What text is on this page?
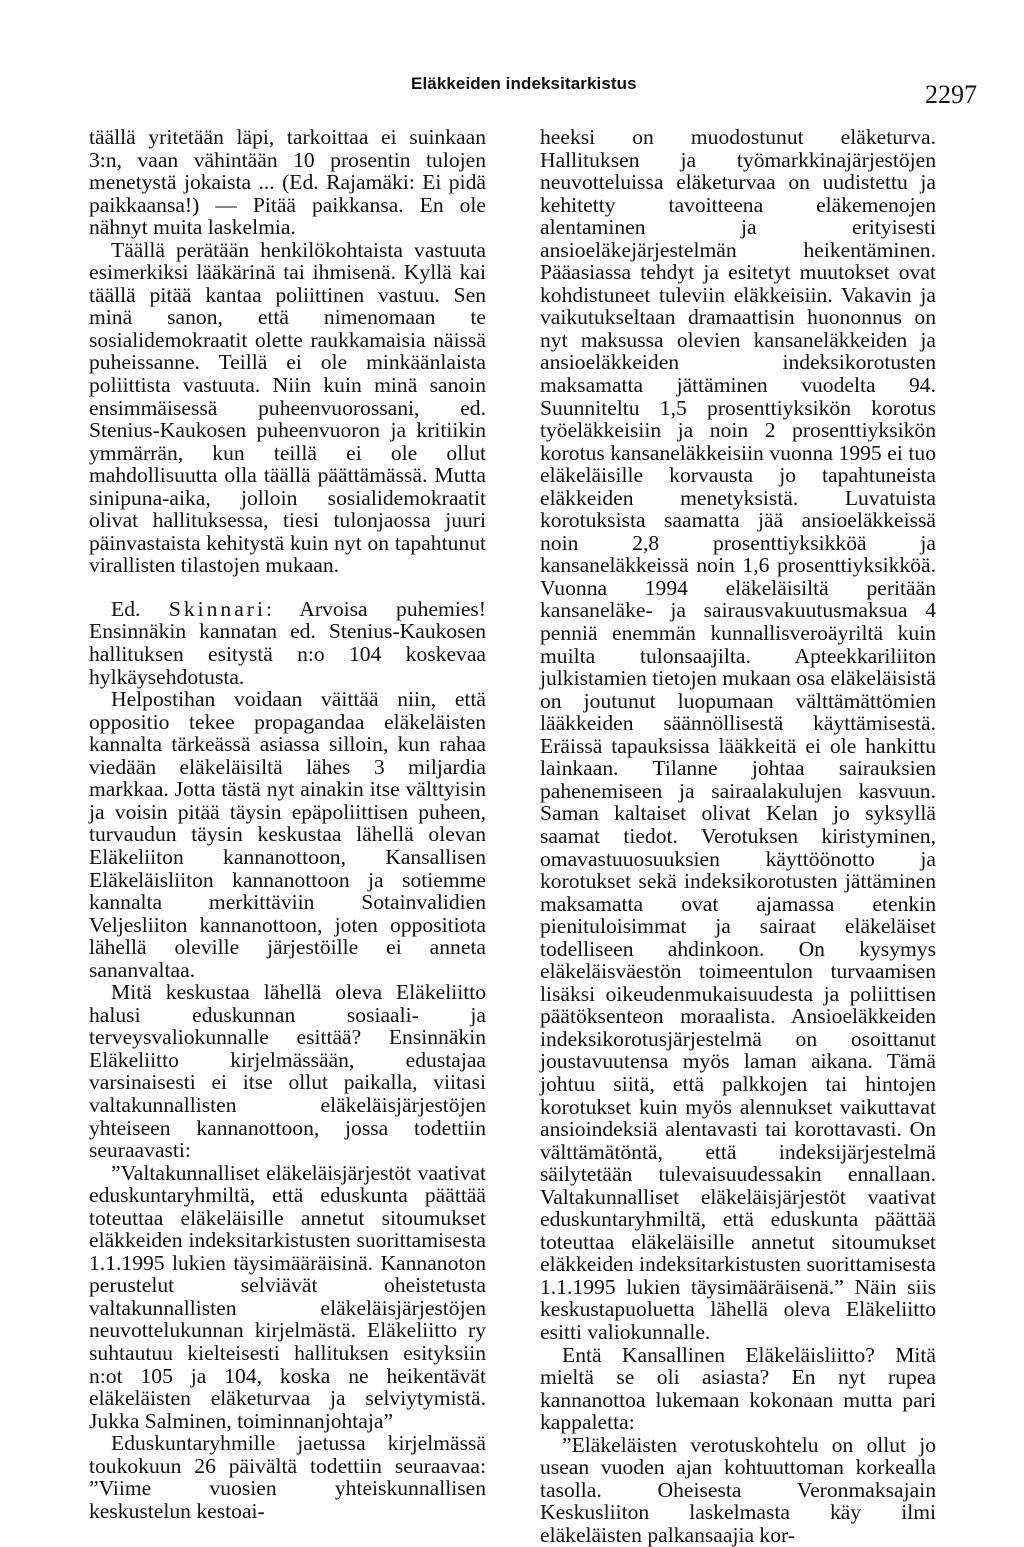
Eläkkeiden indeksitarkistus	2297

täällä yritetään läpi, tarkoittaa ei suinkaan 3:n, vaan vähintään 10 prosentin tulojen menetystä jokaista ... (Ed. Rajamäki: Ei pidä paikkaansa!) — Pitää paikkansa. En ole nähnyt muita laskelmia.

Täällä perätään henkilökohtaista vastuuta esimerkiksi lääkärinä tai ihmisenä. Kyllä kai täällä pitää kantaa poliittinen vastuu. Sen minä sanon, että nimenomaan te sosialidemokraatit olette raukkamaisia näissä puheissanne. Teillä ei ole minkäänlaista poliittista vastuuta. Niin kuin minä sanoin ensimmäisessä puheenvuorossani, ed. Stenius-Kaukosen puheenvuoron ja kritiikin ymmärrän, kun teillä ei ole ollut mahdollisuutta olla täällä päättämässä. Mutta sinipuna-aika, jolloin sosialidemokraatit olivat hallituksessa, tiesi tulonjaossa juuri päinvastaista kehitystä kuin nyt on tapahtunut virallisten tilastojen mukaan.

Ed. Skinnari: Arvoisa puhemies! Ensinnäkin kannatan ed. Stenius-Kaukosen hallituksen esitystä n:o 104 koskevaa hylkäysehdotusta.

Helpostihan voidaan väittää niin, että oppositio tekee propagandaa eläkeläisten kannalta tärkeässä asiassa silloin, kun rahaa viedään eläkeläisiltä lähes 3 miljardia markkaa. Jotta tästä nyt ainakin itse välttyisin ja voisin pitää täysin epäpoliittisen puheen, turvaudun täysin keskustaa lähellä olevan Eläkeliiton kannanottoon, Kansallisen Eläkeläisliiton kannanottoon ja sotiemme kannalta merkittäviin Sotainvalidien Veljesliiton kannanottoon, joten oppositiota lähellä oleville järjestöille ei anneta sananvaltaa.

Mitä keskustaa lähellä oleva Eläkeliitto halusi eduskunnan sosiaali- ja terveysvaliokunnalle esittää? Ensinnäkin Eläkeliitto kirjelmässään, edustajaa varsinaisesti ei itse ollut paikalla, viitasi valtakunnallisten eläkeläisjärjestöjen yhteiseen kannanottoon, jossa todettiin seuraavasti:

”Valtakunnalliset eläkeläisjärjestöt vaativat eduskuntaryhmiltä, että eduskunta päättää toteuttaa eläkeläisille annetut sitoumukset eläkkeiden indeksitarkistusten suorittamisesta 1.1.1995 lukien täysimääräisinä. Kannanoton perustelut selviävät oheistetusta valtakunnallisten eläkeläisjärjestöjen neuvottelukunnan kirjelmästä. Eläkeliitto ry suhtautuu kielteisesti hallituksen esityksiin n:ot 105 ja 104, koska ne heikentävät eläkeläisten eläketurvaa ja selviytymistä. Jukka Salminen, toiminnanjohtaja”

Eduskuntaryhmille jaetussa kirjelmässä toukokuun 26 päivältä todettiin seuraavaa: ”Viime vuosien yhteiskunnallisen keskustelun kestoai-

heeksi on muodostunut eläketurva. Hallituksen ja työmarkkinajärjestöjen neuvotteluissa eläketurvaa on uudistettu ja kehitetty tavoitteena eläkemenojen alentaminen ja erityisesti ansioeläkejärjestelmän heikentäminen. Pääasiassa tehdyt ja esitetyt muutokset ovat kohdistuneet tuleviin eläkkeisiin. Vakavin ja vaikutukseltaan dramaattisin huononnus on nyt maksussa olevien kansaneläkkeiden ja ansioeläkkeiden indeksikorotusten maksamatta jättäminen vuodelta 94. Suunniteltu 1,5 prosenttiyksikön korotus työeläkkeisiin ja noin 2 prosenttiyksikön korotus kansaneläkkeisiin vuonna 1995 ei tuo eläkeläisille korvausta jo tapahtuneista eläkkeiden menetyksistä. Luvatuista korotuksista saamatta jää ansioeläkkeissä noin 2,8 prosenttiyksikköä ja kansaneläkkeissä noin 1,6 prosenttiyksikköä. Vuonna 1994 eläkeläisiltä peritään kansaneläke- ja sairausvakuutusmaksua 4 penniä enemmän kunnallisveroäyriltä kuin muilta tulonsaajilta. Apteekkariliiton julkistamien tietojen mukaan osa eläkeläisistä on joutunut luopumaan välttämättömien lääkkeiden säännöllisestä käyttämisestä. Eräissä tapauksissa lääkkeitä ei ole hankittu lainkaan. Tilanne johtaa sairauksien pahenemiseen ja sairaalakulujen kasvuun. Saman kaltaiset olivat Kelan jo syksyllä saamat tiedot. Verotuksen kiristyminen, omavastuuosuuksien käyttöönotto ja korotukset sekä indeksikorotusten jättäminen maksamatta ovat ajamassa etenkin pienituloisimmat ja sairaat eläkeläiset todelliseen ahdinkoon. On kysymys eläkeläisväestön toimeentulon turvaamisen lisäksi oikeudenmukaisuudesta ja poliittisen päätöksenteon moraalista. Ansioeläkkeiden indeksikorotusjärjestelmä on osoittanut joustavuutensa myös laman aikana. Tämä johtuu siitä, että palkkojen tai hintojen korotukset kuin myös alennukset vaikuttavat ansioindeksiä alentavasti tai korottavasti. On välttämätöntä, että indeksijärjestelmä säilytetään tulevaisuudessakin ennallaan. Valtakunnalliset eläkeläisjärjestöt vaativat eduskuntaryhmiltä, että eduskunta päättää toteuttaa eläkeläisille annetut sitoumukset eläkkeiden indeksitarkistusten suorittamisesta 1.1.1995 lukien täysimääräisenä.” Näin siis keskustapuoluetta lähellä oleva Eläkeliitto esitti valiokunnalle.

Entä Kansallinen Eläkeläisliitto? Mitä mieltä se oli asiasta? En nyt rupea kannanottoa lukemaan kokonaan mutta pari kappaletta:

”Eläkeläisten verotuskohtelu on ollut jo usean vuoden ajan kohtuuttoman korkealla tasolla. Oheisesta Veronmaksajain Keskusliiton laskelmasta käy ilmi eläkeläisten palkansaajia kor-
